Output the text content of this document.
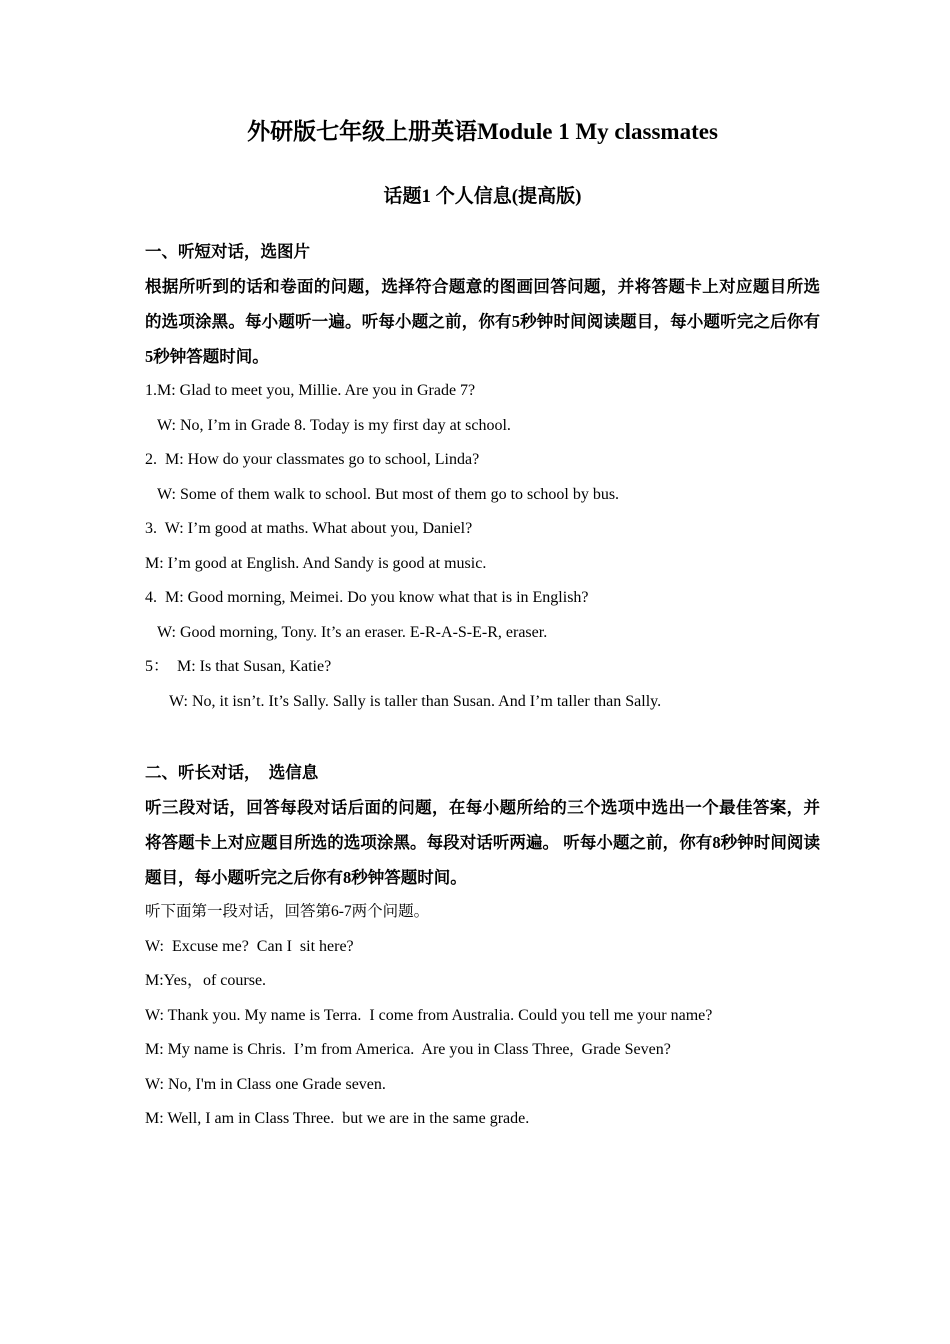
外研版七年级上册英语Module 1 My classmates
话题1 个人信息(提高版)

一、听短对话，选图片

根据所听到的话和卷面的问题，选择符合题意的图画回答问题，并将答题卡上对应题目所选的选项涂黑。每小题听一遍。听每小题之前，你有5秒钟时间阅读题目，每小题听完之后你有5秒钟答题时间。

1.M: Glad to meet you, Millie. Are you in Grade 7?

W: No, I’m in Grade 8. Today is my first day at school.

2.  M: How do your classmates go to school, Linda?

W: Some of them walk to school. But most of them go to school by bus.

3.  W: I’m good at maths. What about you, Daniel?

M: I’m good at English. And Sandy is good at music.

4.  M: Good morning, Meimei. Do you know what that is in English?

W: Good morning, Tony. It’s an eraser. E-R-A-S-E-R, eraser.

5：  M: Is that Susan, Katie?

W: No, it isn’t. It’s Sally. Sally is taller than Susan. And I’m taller than Sally.

二、听长对话，  选信息

听三段对话，回答每段对话后面的问题，在每小题所给的三个选项中选出一个最佳答案，并将答题卡上对应题目所选的选项涂黑。每段对话听两遍。 听每小题之前，你有8秒钟时间阅读题目，每小题听完之后你有8秒钟答题时间。

听下面第一段对话，回答第6-7两个问题。

W:  Excuse me?  Can I  sit here?

M:Yes，of course.

W: Thank you. My name is Terra.  I come from Australia. Could you tell me your name?

M: My name is Chris.  I’m from America.  Are you in Class Three,  Grade Seven?

W: No, I'm in Class one Grade seven.

M: Well, I am in Class Three.  but we are in the same grade.
